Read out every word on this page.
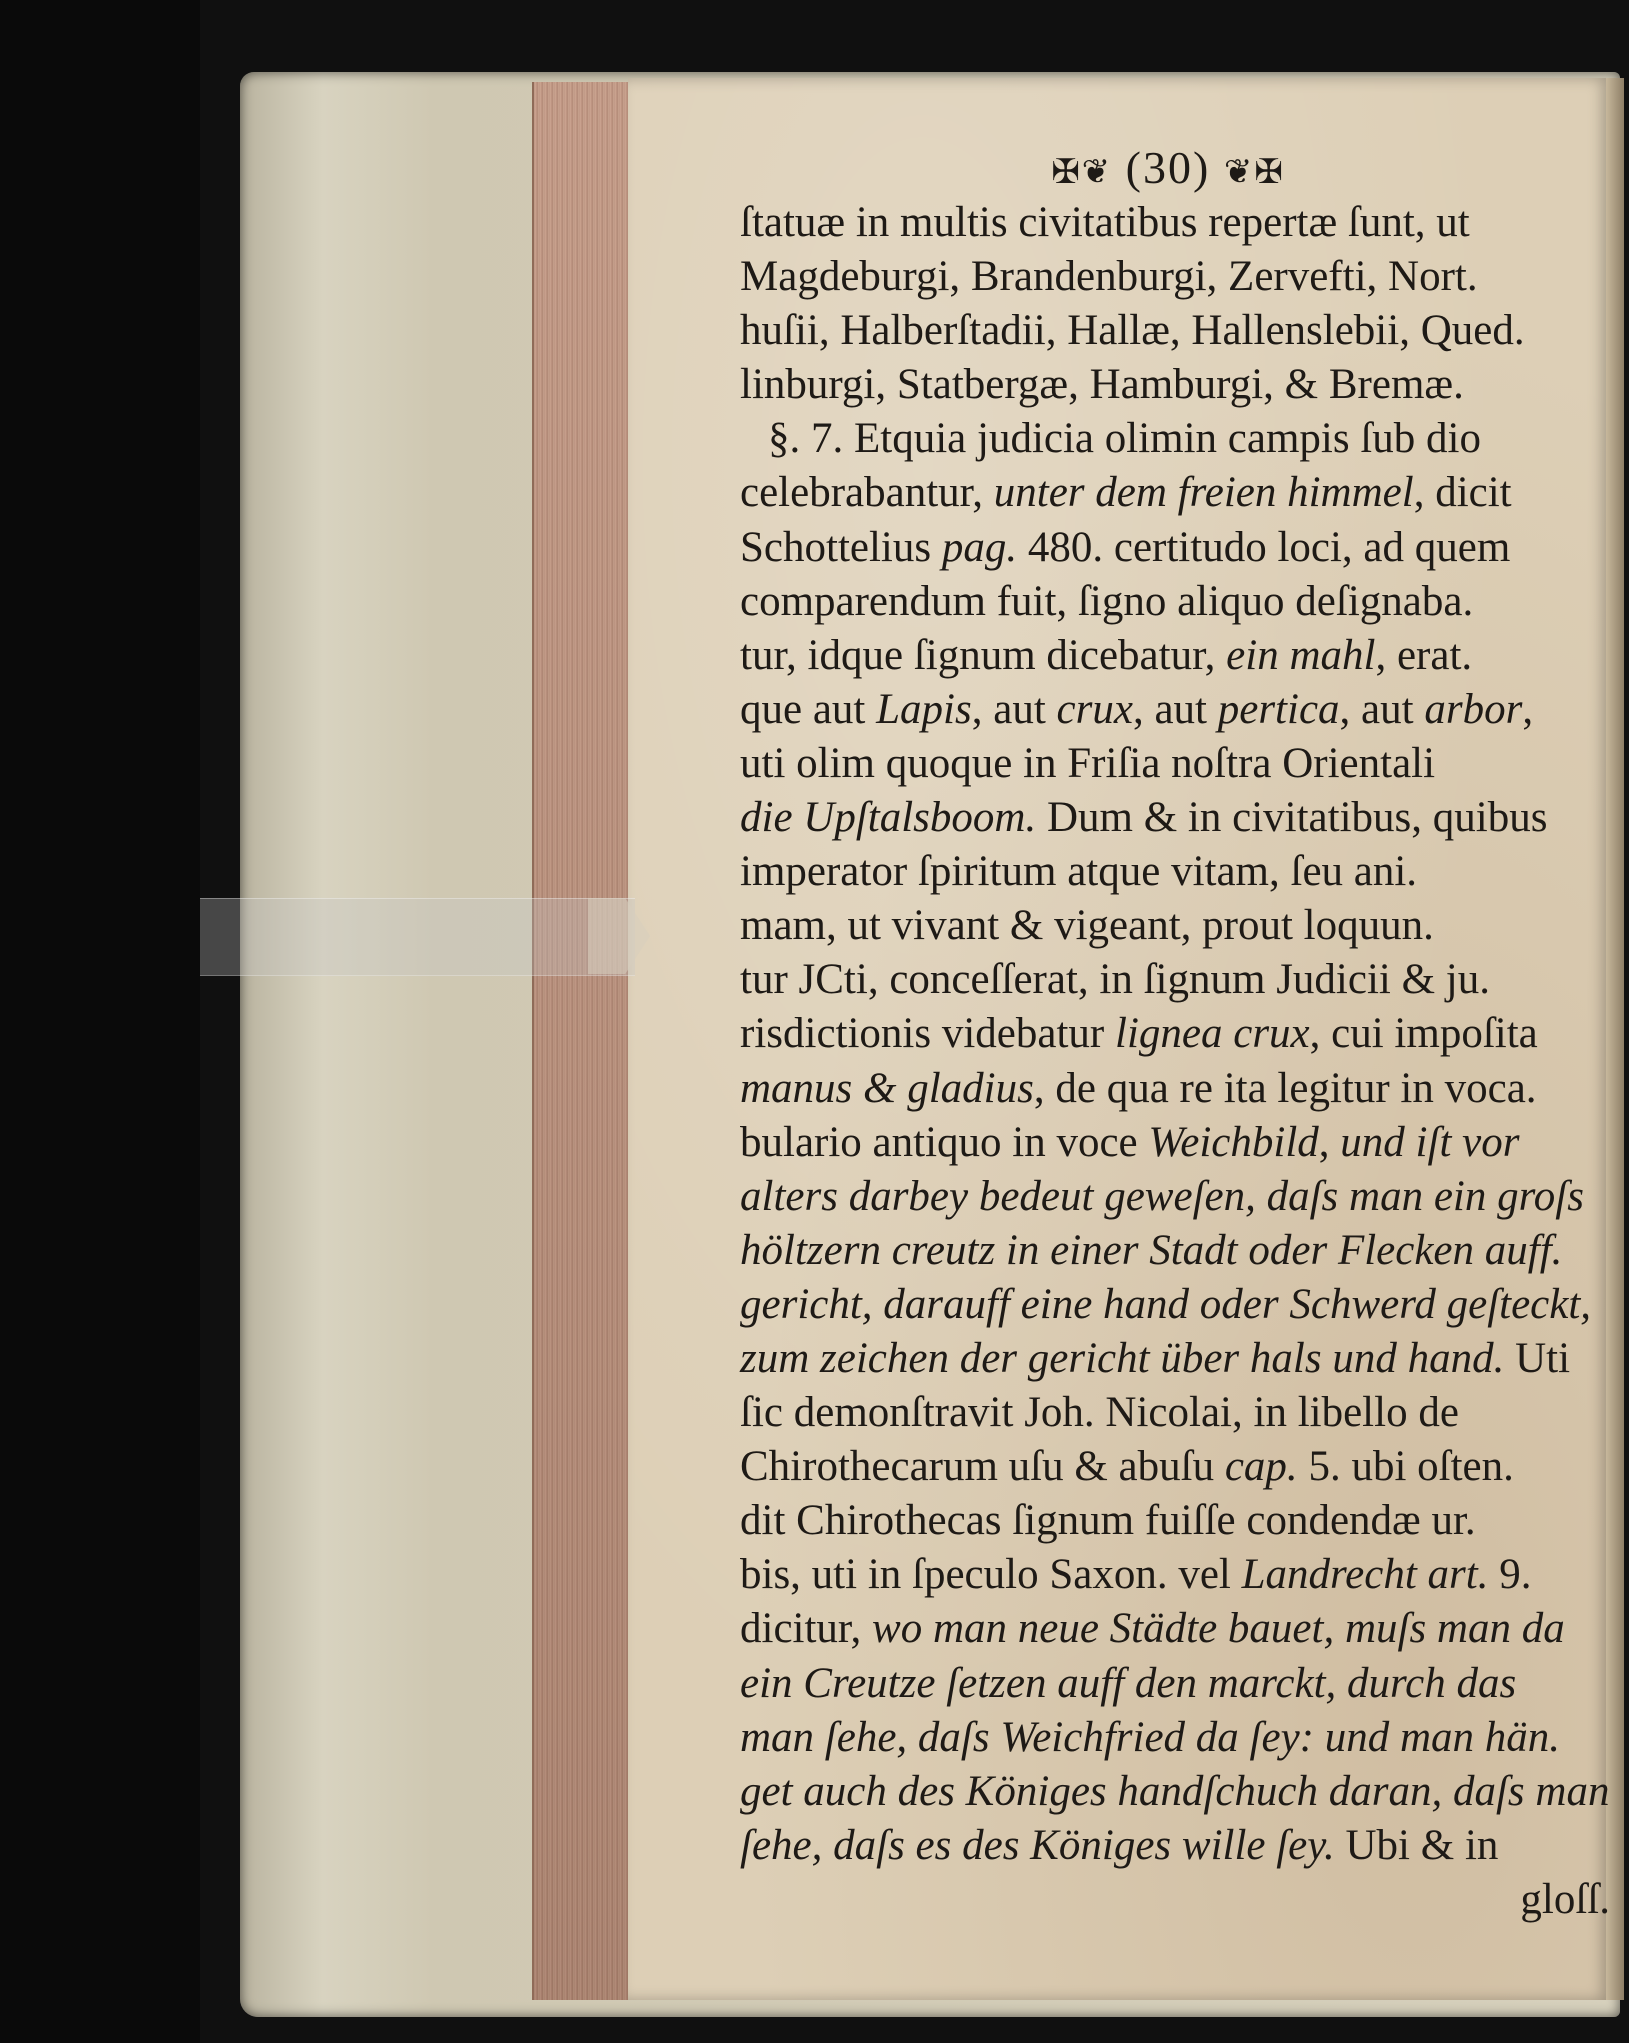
✠❦ (30) ❦✠
ſtatuæ in multis civitatibus repertæ ſunt, ut
Magdeburgi, Brandenburgi, Zervefti, Nort.
huſii, Halberſtadii, Hallæ, Hallenslebii, Qued.
linburgi, Statbergæ, Hamburgi, & Bremæ.
§. 7. Etquia judicia olimin campis ſub dio
celebrabantur, unter dem freien himmel, dicit
Schottelius pag. 480. certitudo loci, ad quem
comparendum fuit, ſigno aliquo deſignaba.
tur, idque ſignum dicebatur, ein mahl, erat.
que aut Lapis, aut crux, aut pertica, aut arbor,
uti olim quoque in Friſia noſtra Orientali
die Upſtalsboom. Dum & in civitatibus, quibus
imperator ſpiritum atque vitam, ſeu ani.
mam, ut vivant & vigeant, prout loquun.
tur JCti, conceſſerat, in ſignum Judicii & ju.
risdictionis videbatur lignea crux, cui impoſita
manus & gladius, de qua re ita legitur in voca.
bulario antiquo in voce Weichbild, und iſt vor
alters darbey bedeut geweſen, daſs man ein groſs
höltzern creutz in einer Stadt oder Flecken auff.
gericht, darauff eine hand oder Schwerd geſteckt,
zum zeichen der gericht über hals und hand. Uti
ſic demonſtravit Joh. Nicolai, in libello de
Chirothecarum uſu & abuſu cap. 5. ubi oſten.
dit Chirothecas ſignum fuiſſe condendæ ur.
bis, uti in ſpeculo Saxon. vel Landrecht art. 9.
dicitur, wo man neue Städte bauet, muſs man da
ein Creutze ſetzen auff den marckt, durch das
man ſehe, daſs Weichfried da ſey: und man hän.
get auch des Königes handſchuch daran, daſs man
ſehe, daſs es des Königes wille ſey. Ubi & in
gloſſ.
